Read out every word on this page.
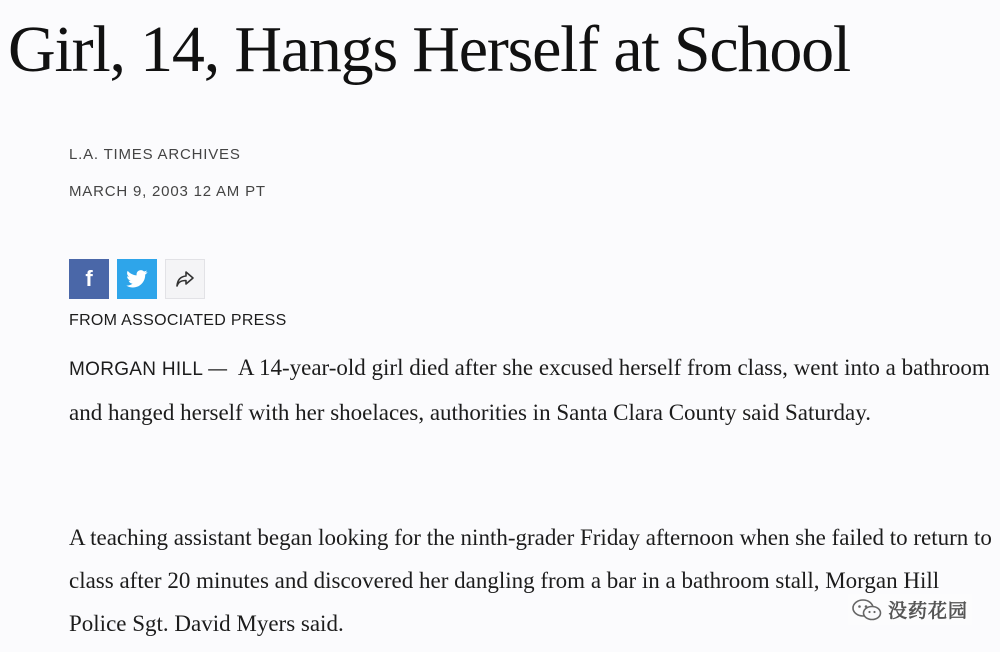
Girl, 14, Hangs Herself at School
L.A. TIMES ARCHIVES
MARCH 9, 2003 12 AM PT
f
FROM ASSOCIATED PRESS

MORGAN HILL — A 14-year-old girl died after she excused herself from class, went into a bathroom and hanged herself with her shoelaces, authorities in Santa Clara County said Saturday.

A teaching assistant began looking for the ninth-grader Friday afternoon when she failed to return to class after 20 minutes and discovered her dangling from a bar in a bathroom stall, Morgan Hill Police Sgt. David Myers said.	没药花园
